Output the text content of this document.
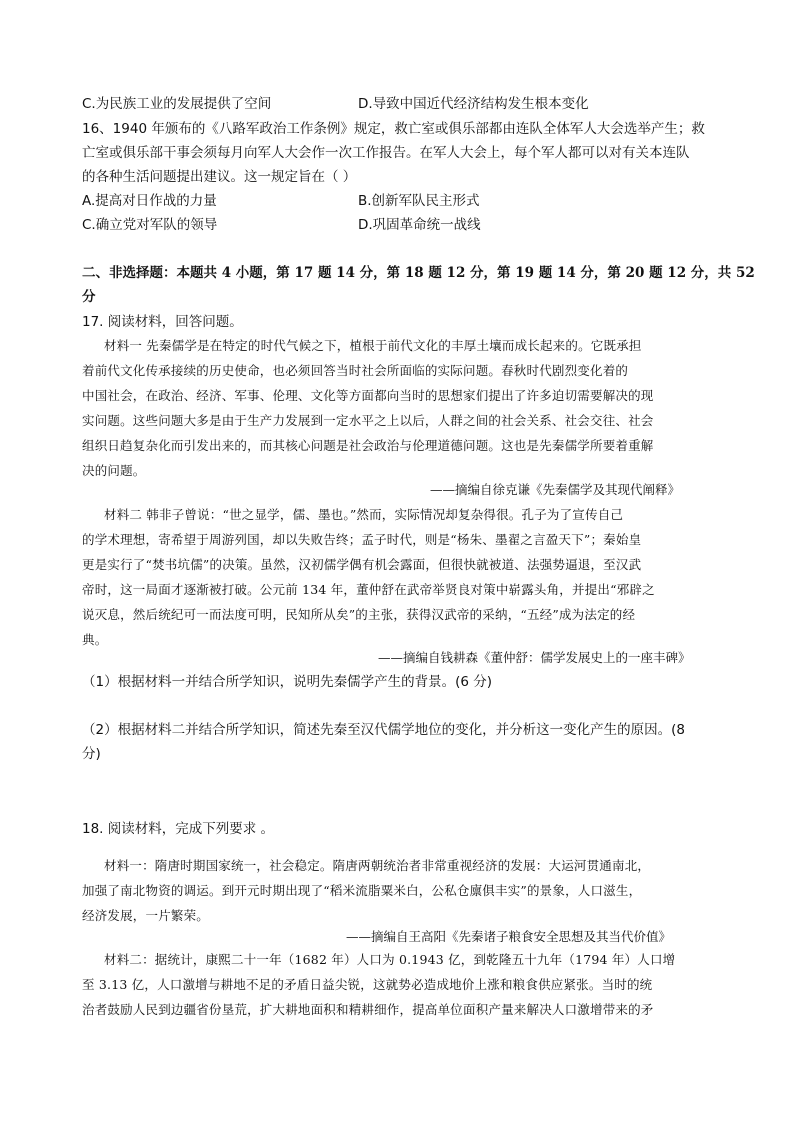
C.为民族工业的发展提供了空间	D.导致中国近代经济结构发生根本变化
16、1940 年颁布的《八路军政治工作条例》规定，救亡室或俱乐部都由连队全体军人大会选举产生；救
亡室或俱乐部干事会须每月向军人大会作一次工作报告。在军人大会上，每个军人都可以对有关本连队
的各种生活问题提出建议。这一规定旨在（ ）
A.提高对日作战的力量	B.创新军队民主形式
C.确立党对军队的领导	D.巩固革命统一战线
二、非选择题：本题共 4 小题，第 17 题 14 分，第 18 题 12 分，第 19 题 14 分，第 20 题 12 分，共 52
分
17. 阅读材料，回答问题。
材料一 先秦儒学是在特定的时代气候之下，植根于前代文化的丰厚土壤而成长起来的。它既承担
着前代文化传承接续的历史使命，也必须回答当时社会所面临的实际问题。春秋时代剧烈变化着的
中国社会，在政治、经济、军事、伦理、文化等方面都向当时的思想家们提出了许多迫切需要解决的现
实问题。这些问题大多是由于生产力发展到一定水平之上以后，人群之间的社会关系、社会交往、社会
组织日趋复杂化而引发出来的，而其核心问题是社会政治与伦理道德问题。这也是先秦儒学所要着重解
决的问题。
——摘编自徐克谦《先秦儒学及其现代阐释》
材料二 韩非子曾说：“世之显学，儒、墨也。”然而，实际情况却复杂得很。孔子为了宣传自己
的学术理想，寄希望于周游列国，却以失败告终；孟子时代，则是“杨朱、墨翟之言盈天下”；秦始皇
更是实行了“焚书坑儒”的决策。虽然，汉初儒学偶有机会露面，但很快就被道、法强势逼退，至汉武
帝时，这一局面才逐渐被打破。公元前 134 年，董仲舒在武帝举贤良对策中崭露头角，并提出“邪辟之
说灭息，然后统纪可一而法度可明，民知所从矣”的主张，获得汉武帝的采纳，“五经”成为法定的经
典。
——摘编自钱耕森《董仲舒：儒学发展史上的一座丰碑》
（1）根据材料一并结合所学知识，说明先秦儒学产生的背景。(6 分)
（2）根据材料二并结合所学知识，简述先秦至汉代儒学地位的变化，并分析这一变化产生的原因。(8
分)
18. 阅读材料，完成下列要求 。
材料一：隋唐时期国家统一，社会稳定。隋唐两朝统治者非常重视经济的发展：大运河贯通南北，
加强了南北物资的调运。到开元时期出现了“稻米流脂粟米白，公私仓廪俱丰实”的景象，人口滋生，
经济发展，一片繁荣。
——摘编自王高阳《先秦诸子粮食安全思想及其当代价值》
材料二：据统计，康熙二十一年（1682 年）人口为 0.1943 亿，到乾隆五十九年（1794 年）人口增
至 3.13 亿，人口激增与耕地不足的矛盾日益尖锐，这就势必造成地价上涨和粮食供应紧张。当时的统
治者鼓励人民到边疆省份垦荒，扩大耕地面积和精耕细作，提高单位面积产量来解决人口激增带来的矛
